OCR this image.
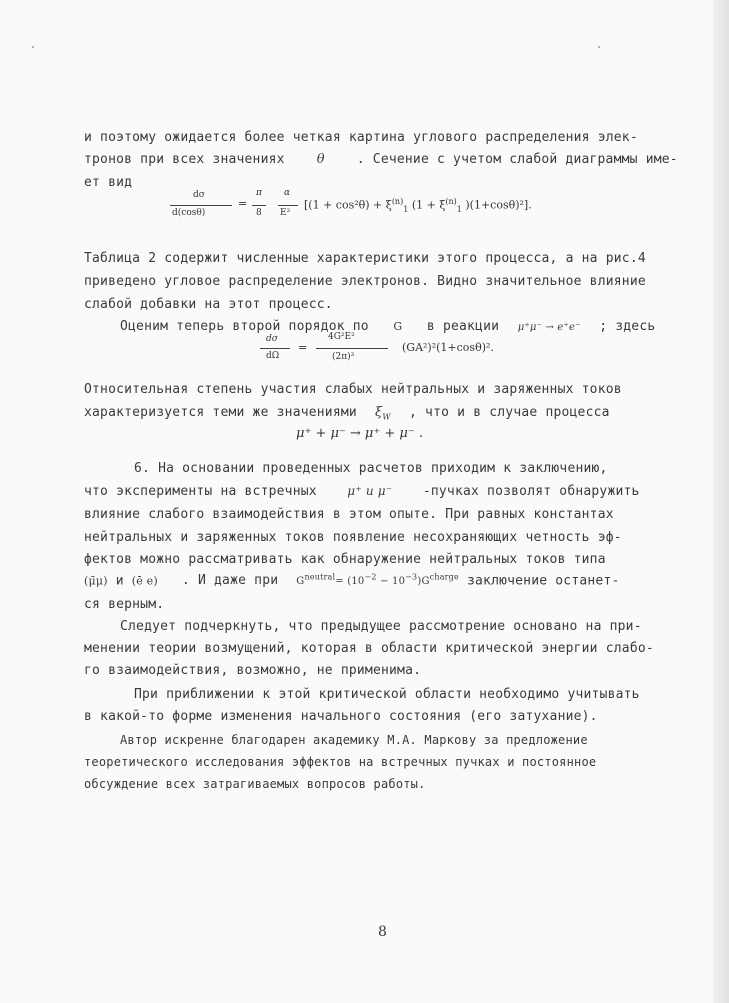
и поэтому ожидается более четкая картина углового распределения элек-
тронов при всех значениях θ . Сечение с учетом слабой диаграммы име-
ет вид
dσ
d(cosθ)
=
π
8
α
E²
[$(1 + \cos^2\theta) + \xi^{(n)}_1$ ($1 + \xi^{(n)}_1$ )(1+cosθ)²].
Таблица 2 содержит численные характеристики этого процесса, а на рис.4
приведено угловое распределение электронов. Видно значительное влияние
слабой добавки на этот процесс.
Оценим теперь второй порядок по G в реакции μ⁺μ⁻ → e⁺e⁻ ; здесь
dσ
dΩ
=
4G²E²
(2π)³
(GA²)²(1+cosθ)².
Относительная степень участия слабых нейтральных и заряженных токов
характеризуется теми же значениями $\xi_W$ , что и в случае процесса
μ⁺ + μ⁻ → μ⁺ + μ⁻ .
6. На основании проведенных расчетов приходим к заключению,
что эксперименты на встречных	μ⁺ и μ⁻ -пучках позволят обнаружить
влияние слабого взаимодействия в этом опыте. При равных константах
нейтральных и заряженных токов появление несохраняющих четность эф-
фектов можно рассматривать как обнаружение нейтральных токов типа
(μ̄μ) и (ē e) . И даже при $G^{neutral}= (10^{-2} - 10^{-3})G^{charge}$ заключение останет-
ся верным.
Следует подчеркнуть, что предыдущее рассмотрение основано на при-
менении теории возмущений, которая в области критической энергии слабо-
го взаимодействия, возможно, не применима.
При приближении к этой критической области необходимо учитывать
в какой-то форме изменения начального состояния (его затухание).
Автор искренне благодарен академику М.А. Маркову за предложение
теоретического исследования эффектов на встречных пучках и постоянное
обсуждение всех затрагиваемых вопросов работы.
8
